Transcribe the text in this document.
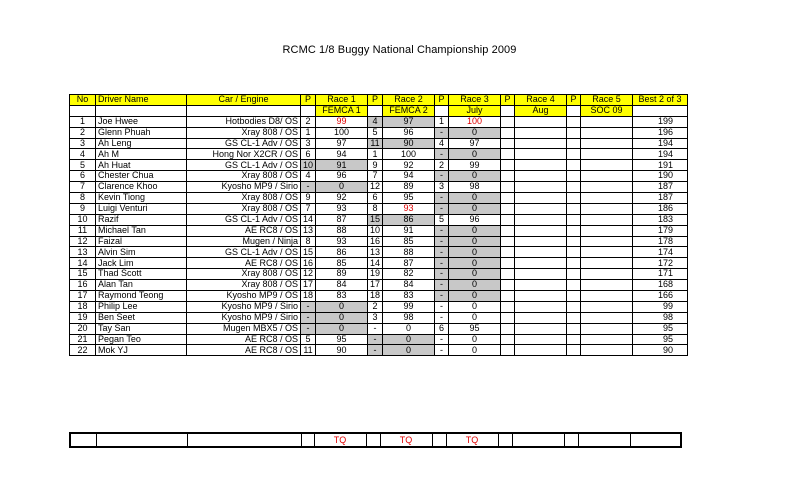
RCMC 1/8 Buggy National Championship 2009
No	Driver Name	Car / Engine	P	Race 1	P	Race 2	P	Race 3	P	Race 4	P	Race 5	Best 2 of 3
				FEMCA 1		FEMCA 2		July		Aug		SOC 09	
1	Joe Hwee	Hotbodies D8/ OS	2	99	4	97	1	100					199
2	Glenn Phuah	Xray 808 / OS	1	100	5	96	-	0					196
3	Ah Leng	GS CL-1 Adv / OS	3	97	11	90	4	97					194
4	Ah M	Hong Nor X2CR / OS	6	94	1	100	-	0					194
5	Ah Huat	GS CL-1 Adv / OS	10	91	9	92	2	99					191
6	Chester Chua	Xray 808 / OS	4	96	7	94	-	0					190
7	Clarence Khoo	Kyosho MP9 / Sirio	-	0	12	89	3	98					187
8	Kevin Tiong	Xray 808 / OS	9	92	6	95	-	0					187
9	Luigi Venturi	Xray 808 / OS	7	93	8	93	-	0					186
10	Razif	GS CL-1 Adv / OS	14	87	15	86	5	96					183
11	Michael Tan	AE RC8 / OS	13	88	10	91	-	0					179
12	Faizal	Mugen / Ninja	8	93	16	85	-	0					178
13	Alvin Sim	GS CL-1 Adv / OS	15	86	13	88	-	0					174
14	Jack Lim	AE RC8 / OS	16	85	14	87	-	0					172
15	Thad Scott	Xray 808 / OS	12	89	19	82	-	0					171
16	Alan Tan	Xray 808 / OS	17	84	17	84	-	0					168
17	Raymond Teong	Kyosho MP9 / OS	18	83	18	83	-	0					166
18	Philip Lee	Kyosho MP9 / Sirio	-	0	2	99	-	0					99
19	Ben Seet	Kyosho MP9 / Sirio	-	0	3	98	-	0					98
20	Tay San	Mugen MBX5 / OS	-	0	-	0	6	95					95
21	Pegan Teo	AE RC8 / OS	5	95	-	0	-	0					95
22	Mok YJ	AE RC8 / OS	11	90	-	0	-	0					90
				TQ		TQ		TQ					
